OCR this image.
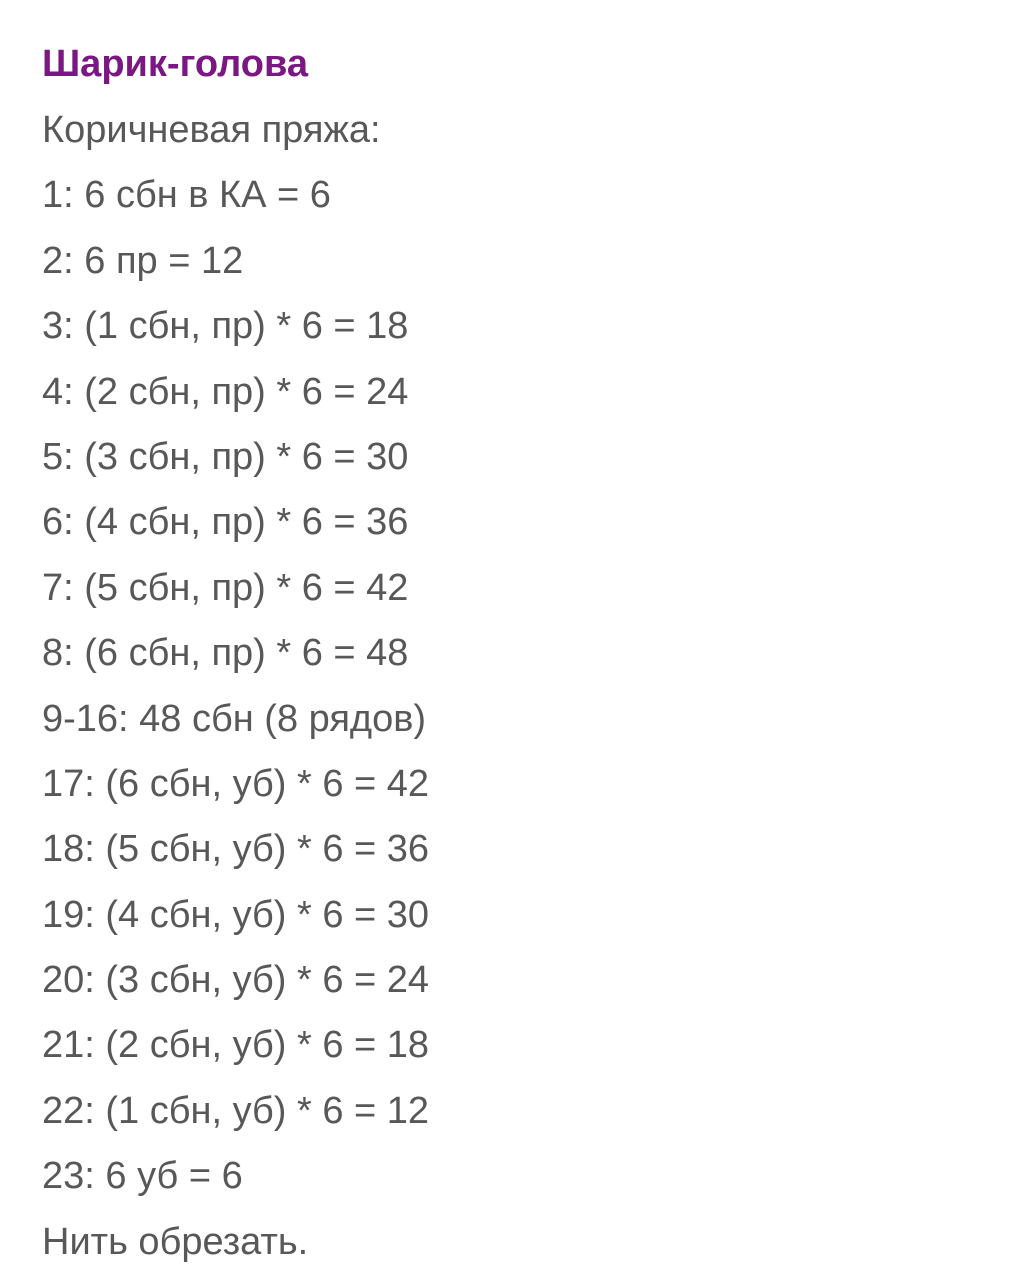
Шарик-голова
Коричневая пряжа:
1: 6 сбн в КА = 6
2: 6 пр = 12
3: (1 сбн, пр) * 6 = 18
4: (2 сбн, пр) * 6 = 24
5: (3 сбн, пр) * 6 = 30
6: (4 сбн, пр) * 6 = 36
7: (5 сбн, пр) * 6 = 42
8: (6 сбн, пр) * 6 = 48
9-16: 48 сбн (8 рядов)
17: (6 сбн, уб) * 6 = 42
18: (5 сбн, уб) * 6 = 36
19: (4 сбн, уб) * 6 = 30
20: (3 сбн, уб) * 6 = 24
21: (2 сбн, уб) * 6 = 18
22: (1 сбн, уб) * 6 = 12
23: 6 уб = 6
Нить обрезать.
